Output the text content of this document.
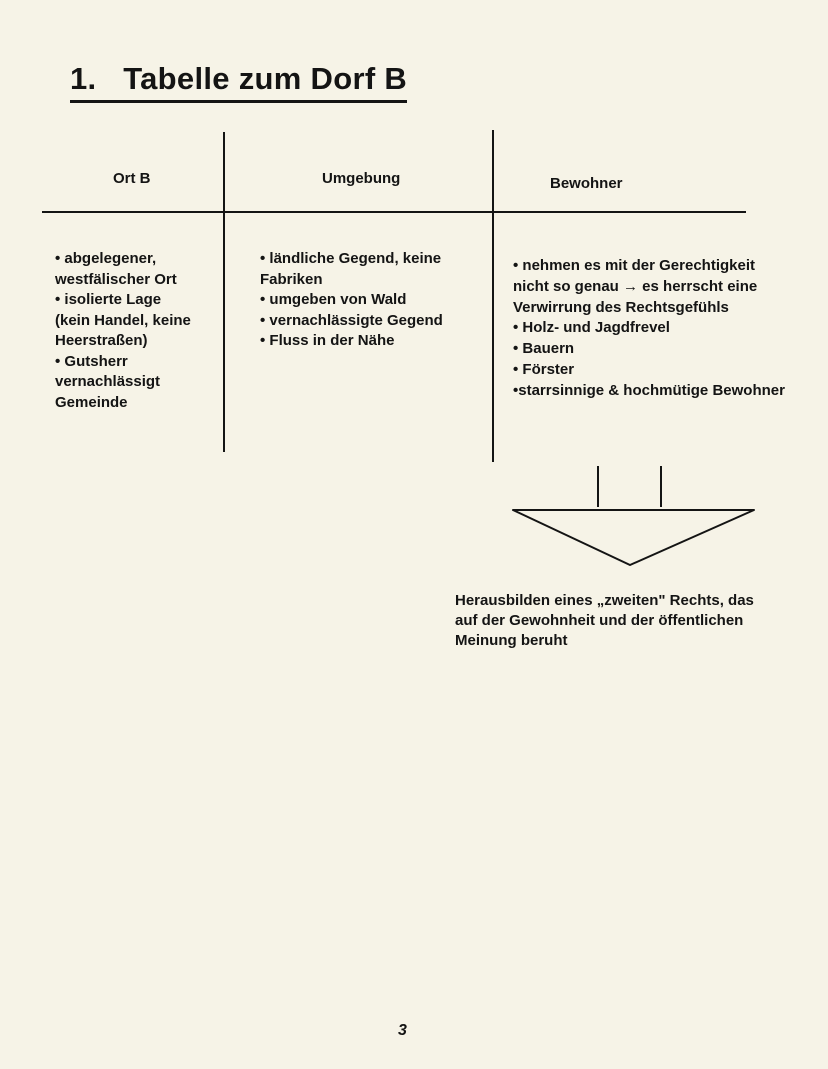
1.   Tabelle zum Dorf B
Ort B	Umgebung	Bewohner
• abgelegener,
westfälischer Ort
• isolierte Lage
(kein Handel, keine
Heerstraßen)
• Gutsherr
vernachlässigt
Gemeinde
• ländliche Gegend, keine
Fabriken
• umgeben von Wald
• vernachlässigte Gegend
• Fluss in der Nähe
• nehmen es mit der Gerechtigkeit
nicht so genau → es herrscht eine
Verwirrung des Rechtsgefühls
• Holz- und Jagdfrevel
• Bauern
• Förster
•starrsinnige & hochmütige Bewohner
Herausbilden eines „zweiten" Rechts, das
auf der Gewohnheit und der öffentlichen
Meinung beruht
3
